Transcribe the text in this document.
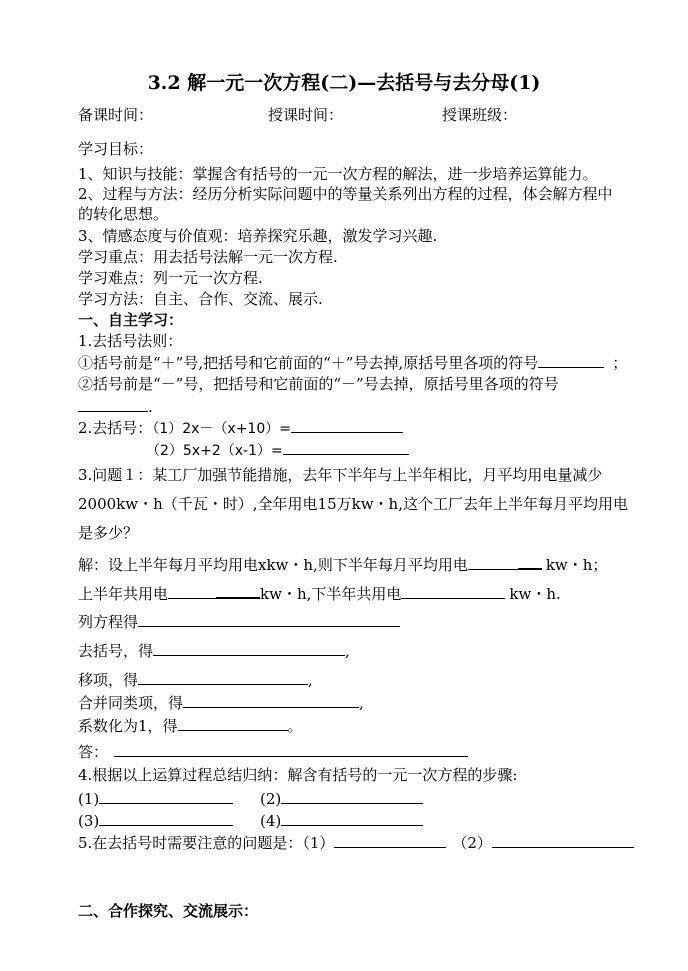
3.2 解一元一次方程(二)—去括号与去分母(1)
备课时间：	授课时间：	授课班级：
学习目标：
1、知识与技能：掌握含有括号的一元一次方程的解法，进一步培养运算能力。
2、过程与方法：经历分析实际问题中的等量关系列出方程的过程，体会解方程中
的转化思想。
3、情感态度与价值观：培养探究乐趣，激发学习兴趣.
学习重点：用去括号法解一元一次方程.
学习难点：列一元一次方程.
学习方法：自主、合作、交流、展示.
一、自主学习：
1.去括号法则：
①括号前是“＋”号,把括号和它前面的“＋”号去掉,原括号里各项的符号	；
②括号前是“－”号，把括号和它前面的“－”号去掉，原括号里各项的符号
.
2.去括号：（1）2x－（x+10）=
（2）5x+2（x-1）=
3.问题１：某工厂加强节能措施，去年下半年与上半年相比，月平均用电量减少
2000kw・h（千瓦・时）,全年用电15万kw・h,这个工厂去年上半年每月平均用电
是多少？
解：设上半年每月平均用电xkw・h,则下半年每月平均用电	kw・h；
上半年共用电	kw・h,下半年共用电	kw・h.
列方程得
去括号，得	,
移项，得	,
合并同类项，得	,
系数化为1，得	。
答：
4.根据以上运算过程总结归纳：解含有括号的一元一次方程的步骤:
(1)	(2)
(3)	(4)
5.在去括号时需要注意的问题是：（1）	（2）
二、合作探究、交流展示：
